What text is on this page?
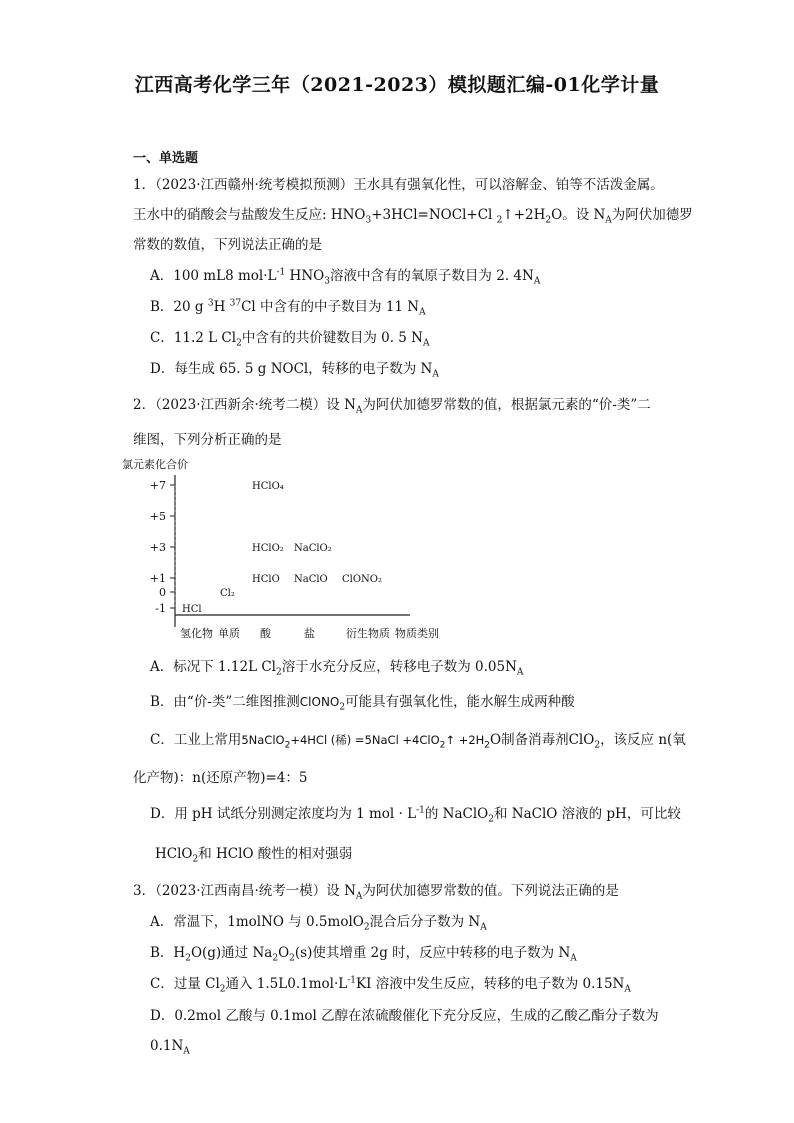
江西高考化学三年（2021-2023）模拟题汇编-01化学计量
一、单选题
1．（2023·江西赣州·统考模拟预测）王水具有强氧化性，可以溶解金、铂等不活泼金属。
王水中的硝酸会与盐酸发生反应: $HNO_3+3HCl=NOCl+Cl$ $_2↑+2H_2O$。设 $N_A$为阿伏加德罗
常数的数值，下列说法正确的是
A．100 mL8 $mol\cdot L^{-1}$ $HNO_3$溶液中含有的氧原子数目为 2. $4N_A$
B．20 g $^3$H $^{37}$Cl 中含有的中子数目为 11 $N_A$
C．11.2 L $Cl_2$中含有的共价键数目为 0. 5 $N_A$
D．每生成 65. 5 g NOCl，转移的电子数为 $N_A$
2．（2023·江西新余·统考二模）设 $N_A$为阿伏加德罗常数的值，根据氯元素的“价-类”二
维图，下列分析正确的是
氯元素化合价
物质类别
+7
+5
+3
+1
0
-1
氢化物 单质 酸	盐	衍生物质
HClO₄
HClO₂ NaClO₂
HClO NaClO ClONO₂
Cl₂
HCl
A．标况下 1.12L $Cl_2$溶于水充分反应，转移电子数为 $0.05N_A$
B．由“价-类”二维图推测ClONO$_2$可能具有强氧化性，能水解生成两种酸
C．工业上常用5NaClO$_2$+4HCl (稀) =5NaCl +4ClO$_2$↑ $+2H_2O$制备消毒剂ClO$_2$，该反应 n(氧
化产物)：n(还原产物)=4：5
D．用 pH 试纸分别测定浓度均为 1 mol · $L^{-1}$的 NaClO$_2$和 NaClO 溶液的 pH，可比较
HClO$_2$和 HClO 酸性的相对强弱
3．（2023·江西南昌·统考一模）设 $N_A$为阿伏加德罗常数的值。下列说法正确的是
A．常温下，1molNO 与 0.5molO$_2$混合后分子数为 $N_A$
B．$H_2O(g)$通过 $Na_2O_2(s)$使其增重 2g 时，反应中转移的电子数为 $N_A$
C．过量 $Cl_2$通入 $1.5L0.1mol\cdot L^{-1}KI$ 溶液中发生反应，转移的电子数为 $0.15N_A$
D．0.2mol 乙酸与 0.1mol 乙醇在浓硫酸催化下充分反应，生成的乙酸乙酯分子数为
$0.1N_A$
